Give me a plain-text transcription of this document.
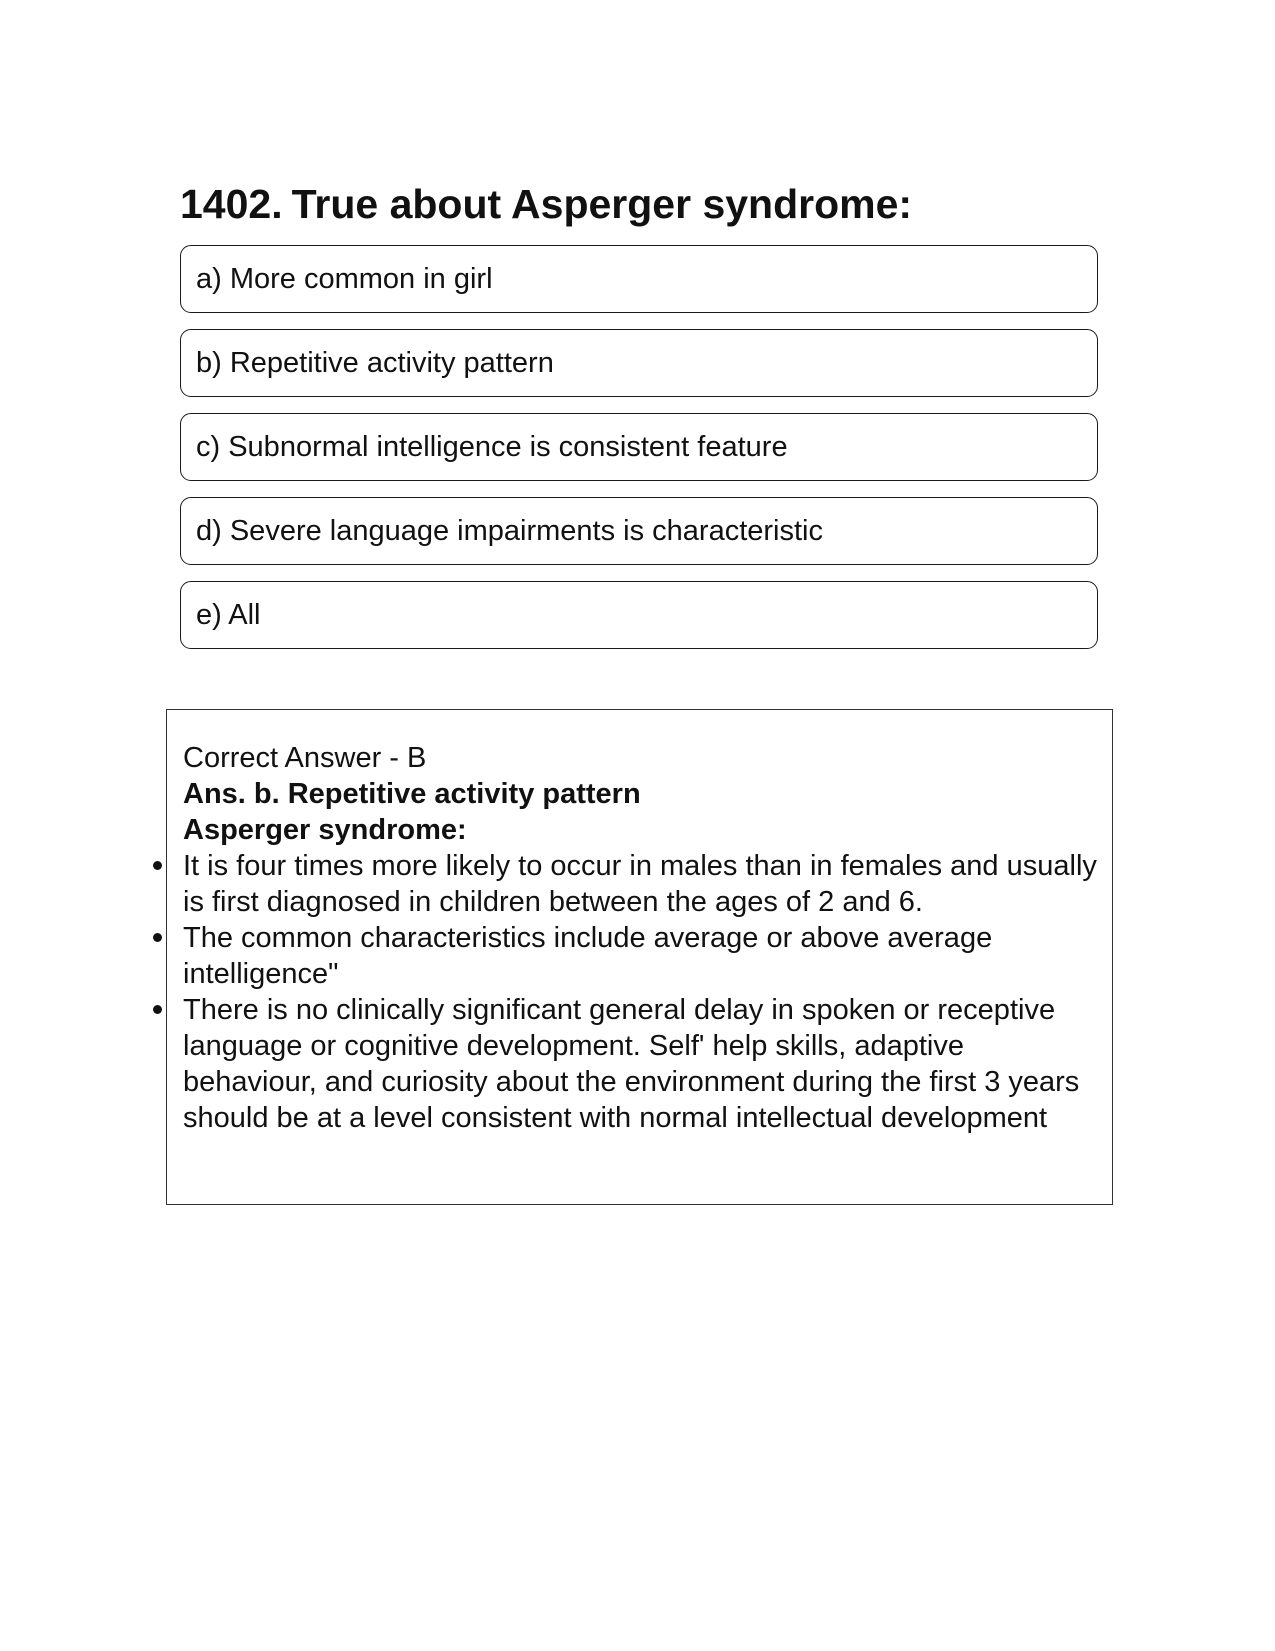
1402. True about Asperger syndrome:
a) More common in girl
b) Repetitive activity pattern
c) Subnormal intelligence is consistent feature
d) Severe language impairments is characteristic
e) All

Correct Answer - B

Ans. b. Repetitive activity pattern

Asperger syndrome:

It is four times more likely to occur in males than in females and usually is first diagnosed in children between the ages of 2 and 6.
The common characteristics include average or above average intelligence"
There is no clinically significant general delay in spoken or receptive language or cognitive development. Self' help skills, adaptive behaviour, and curiosity about the environment during the first 3 years should be at a level consistent with normal intellectual development
